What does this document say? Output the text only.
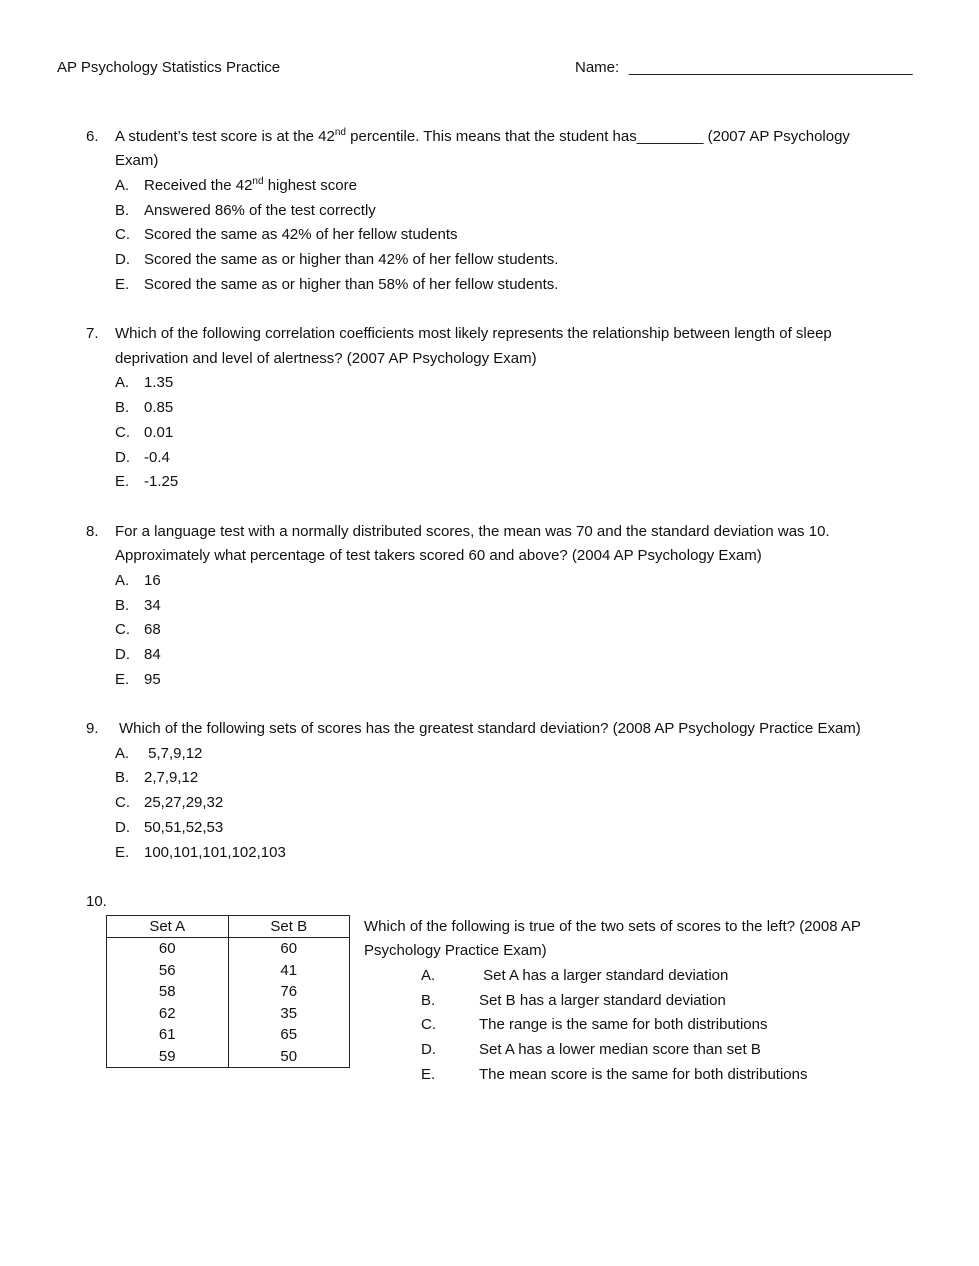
AP Psychology Statistics Practice	Name: __________________________________
6. A student’s test score is at the 42nd percentile. This means that the student has________ (2007 AP Psychology
Exam)
A. Received the 42nd highest score
B. Answered 86% of the test correctly
C. Scored the same as 42% of her fellow students
D. Scored the same as or higher than 42% of her fellow students.
E. Scored the same as or higher than 58% of her fellow students.
7. Which of the following correlation coefficients most likely represents the relationship between length of sleep
deprivation and level of alertness? (2007 AP Psychology Exam)
A. 1.35
B. 0.85
C. 0.01
D. -0.4
E. -1.25
8. For a language test with a normally distributed scores, the mean was 70 and the standard deviation was 10.
Approximately what percentage of test takers scored 60 and above? (2004 AP Psychology Exam)
A. 16
B. 34
C. 68
D. 84
E. 95
9. Which of the following sets of scores has the greatest standard deviation? (2008 AP Psychology Practice Exam)
A. 5,7,9,12
B. 2,7,9,12
C. 25,27,29,32
D. 50,51,52,53
E. 100,101,101,102,103
10.
Set A	Set B
60	60
56	41
58	76
62	35
61	65
59	50
Which of the following is true of the two sets of scores to the left? (2008 AP
Psychology Practice Exam)
A.	Set A has a larger standard deviation
B.	Set B has a larger standard deviation
C.	The range is the same for both distributions
D.	Set A has a lower median score than set B
E.	The mean score is the same for both distributions
